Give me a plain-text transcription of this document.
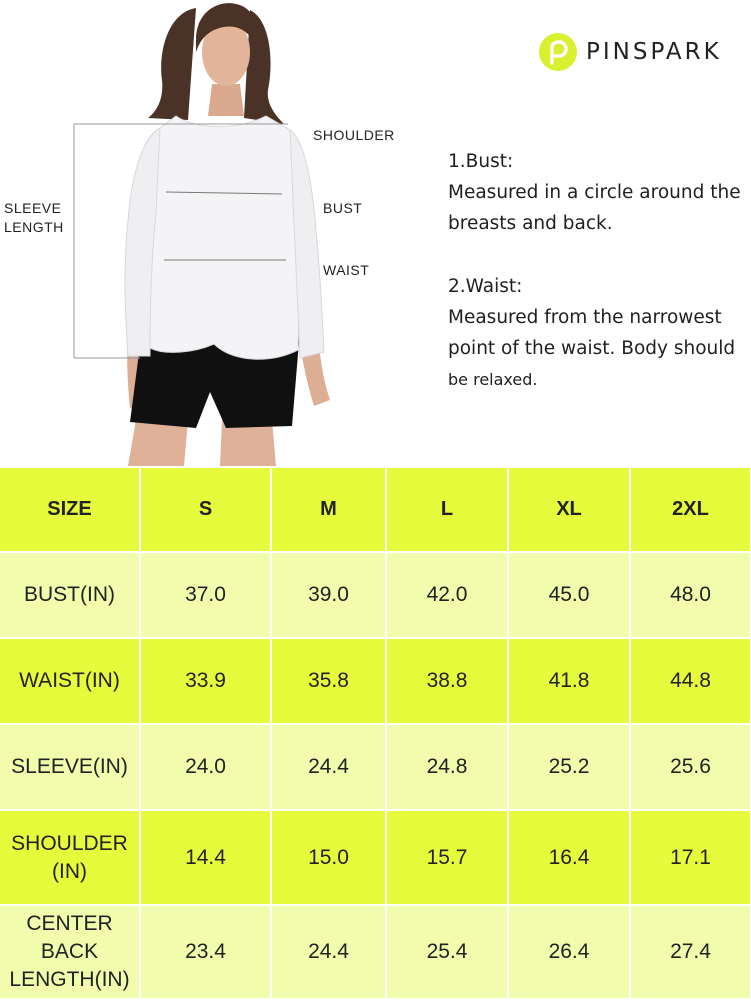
SHOULDER
BUST
WAIST
SLEEVE
LENGTH
PINSPARK

1.Bust:

Measured in a circle around the breasts and back.

2.Waist:

Measured from the narrowest point of the waist. Body should be relaxed.

SIZE	S	M	L	XL	2XL

BUST(IN)	37.0	39.0	42.0	45.0	48.0

WAIST(IN)	33.9	35.8	38.8	41.8	44.8

SLEEVE(IN)	24.0	24.4	24.8	25.2	25.6

SHOULDER
(IN)	14.4	15.0	15.7	16.4	17.1

CENTER
BACK
LENGTH(IN)	23.4	24.4	25.4	26.4	27.4
